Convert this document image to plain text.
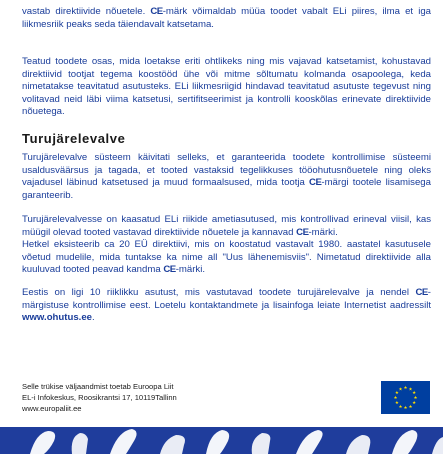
vastab direktiivide nõuetele. CE-märk võimaldab müüa toodet vabalt ELi piires, ilma et iga liikmesriik peaks seda täiendavalt katsetama.

Teatud toodete osas, mida loetakse eriti ohtlikeks ning mis vajavad katsetamist, kohustavad direktiivid tootjat tegema koostööd ühe või mitme sõltumatu kolmanda osapoolega, keda nimetatakse teavitatud asutusteks. ELi liikmesriigid hindavad teavitatud asutuste tegevust ning volitavad neid läbi viima katsetusi, sertifitseerimist ja kontrolli kooskõlas erinevate direktiivide nõuetega.

Turujärelevalve

Turujärelevalve süsteem käivitati selleks, et garanteerida toodete kontrollimise süsteemi usaldusväärsus ja tagada, et tooted vastaksid tegelikkuses tööohutusnõuetele ning oleks vajadusel läbinud katsetused ja muud formaalsused, mida tootja CE-märgi tootele lisamisega garanteerib.

Turujärelevalvesse on kaasatud ELi riikide ametiasutused, mis kontrollivad erineval viisil, kas müügil olevad tooted vastavad direktiivide nõuetele ja kannavad CE-märki.

Hetkel eksisteerib ca 20 EÜ direktiivi, mis on koostatud vastavalt 1980. aastatel kasutusele võetud mudelile, mida tuntakse ka nime all "Uus lähenemisviis". Nimetatud direktiivide alla kuuluvad tooted peavad kandma CE-märki.

Eestis on ligi 10 riiklikku asutust, mis vastutavad toodete turujärelevalve ja nendel CE-märgistuse kontrollimise eest. Loetelu kontaktandmete ja lisainfoga leiate Internetist aadressilt www.ohutus.ee.

Selle trükise väljaandmist toetab Euroopa Liit
EL-i Infokeskus, Roosikrantsi 17, 10119Tallinn
www.europaliit.ee
★ ★
★
★
★
★
★
★
★
★
★
★
